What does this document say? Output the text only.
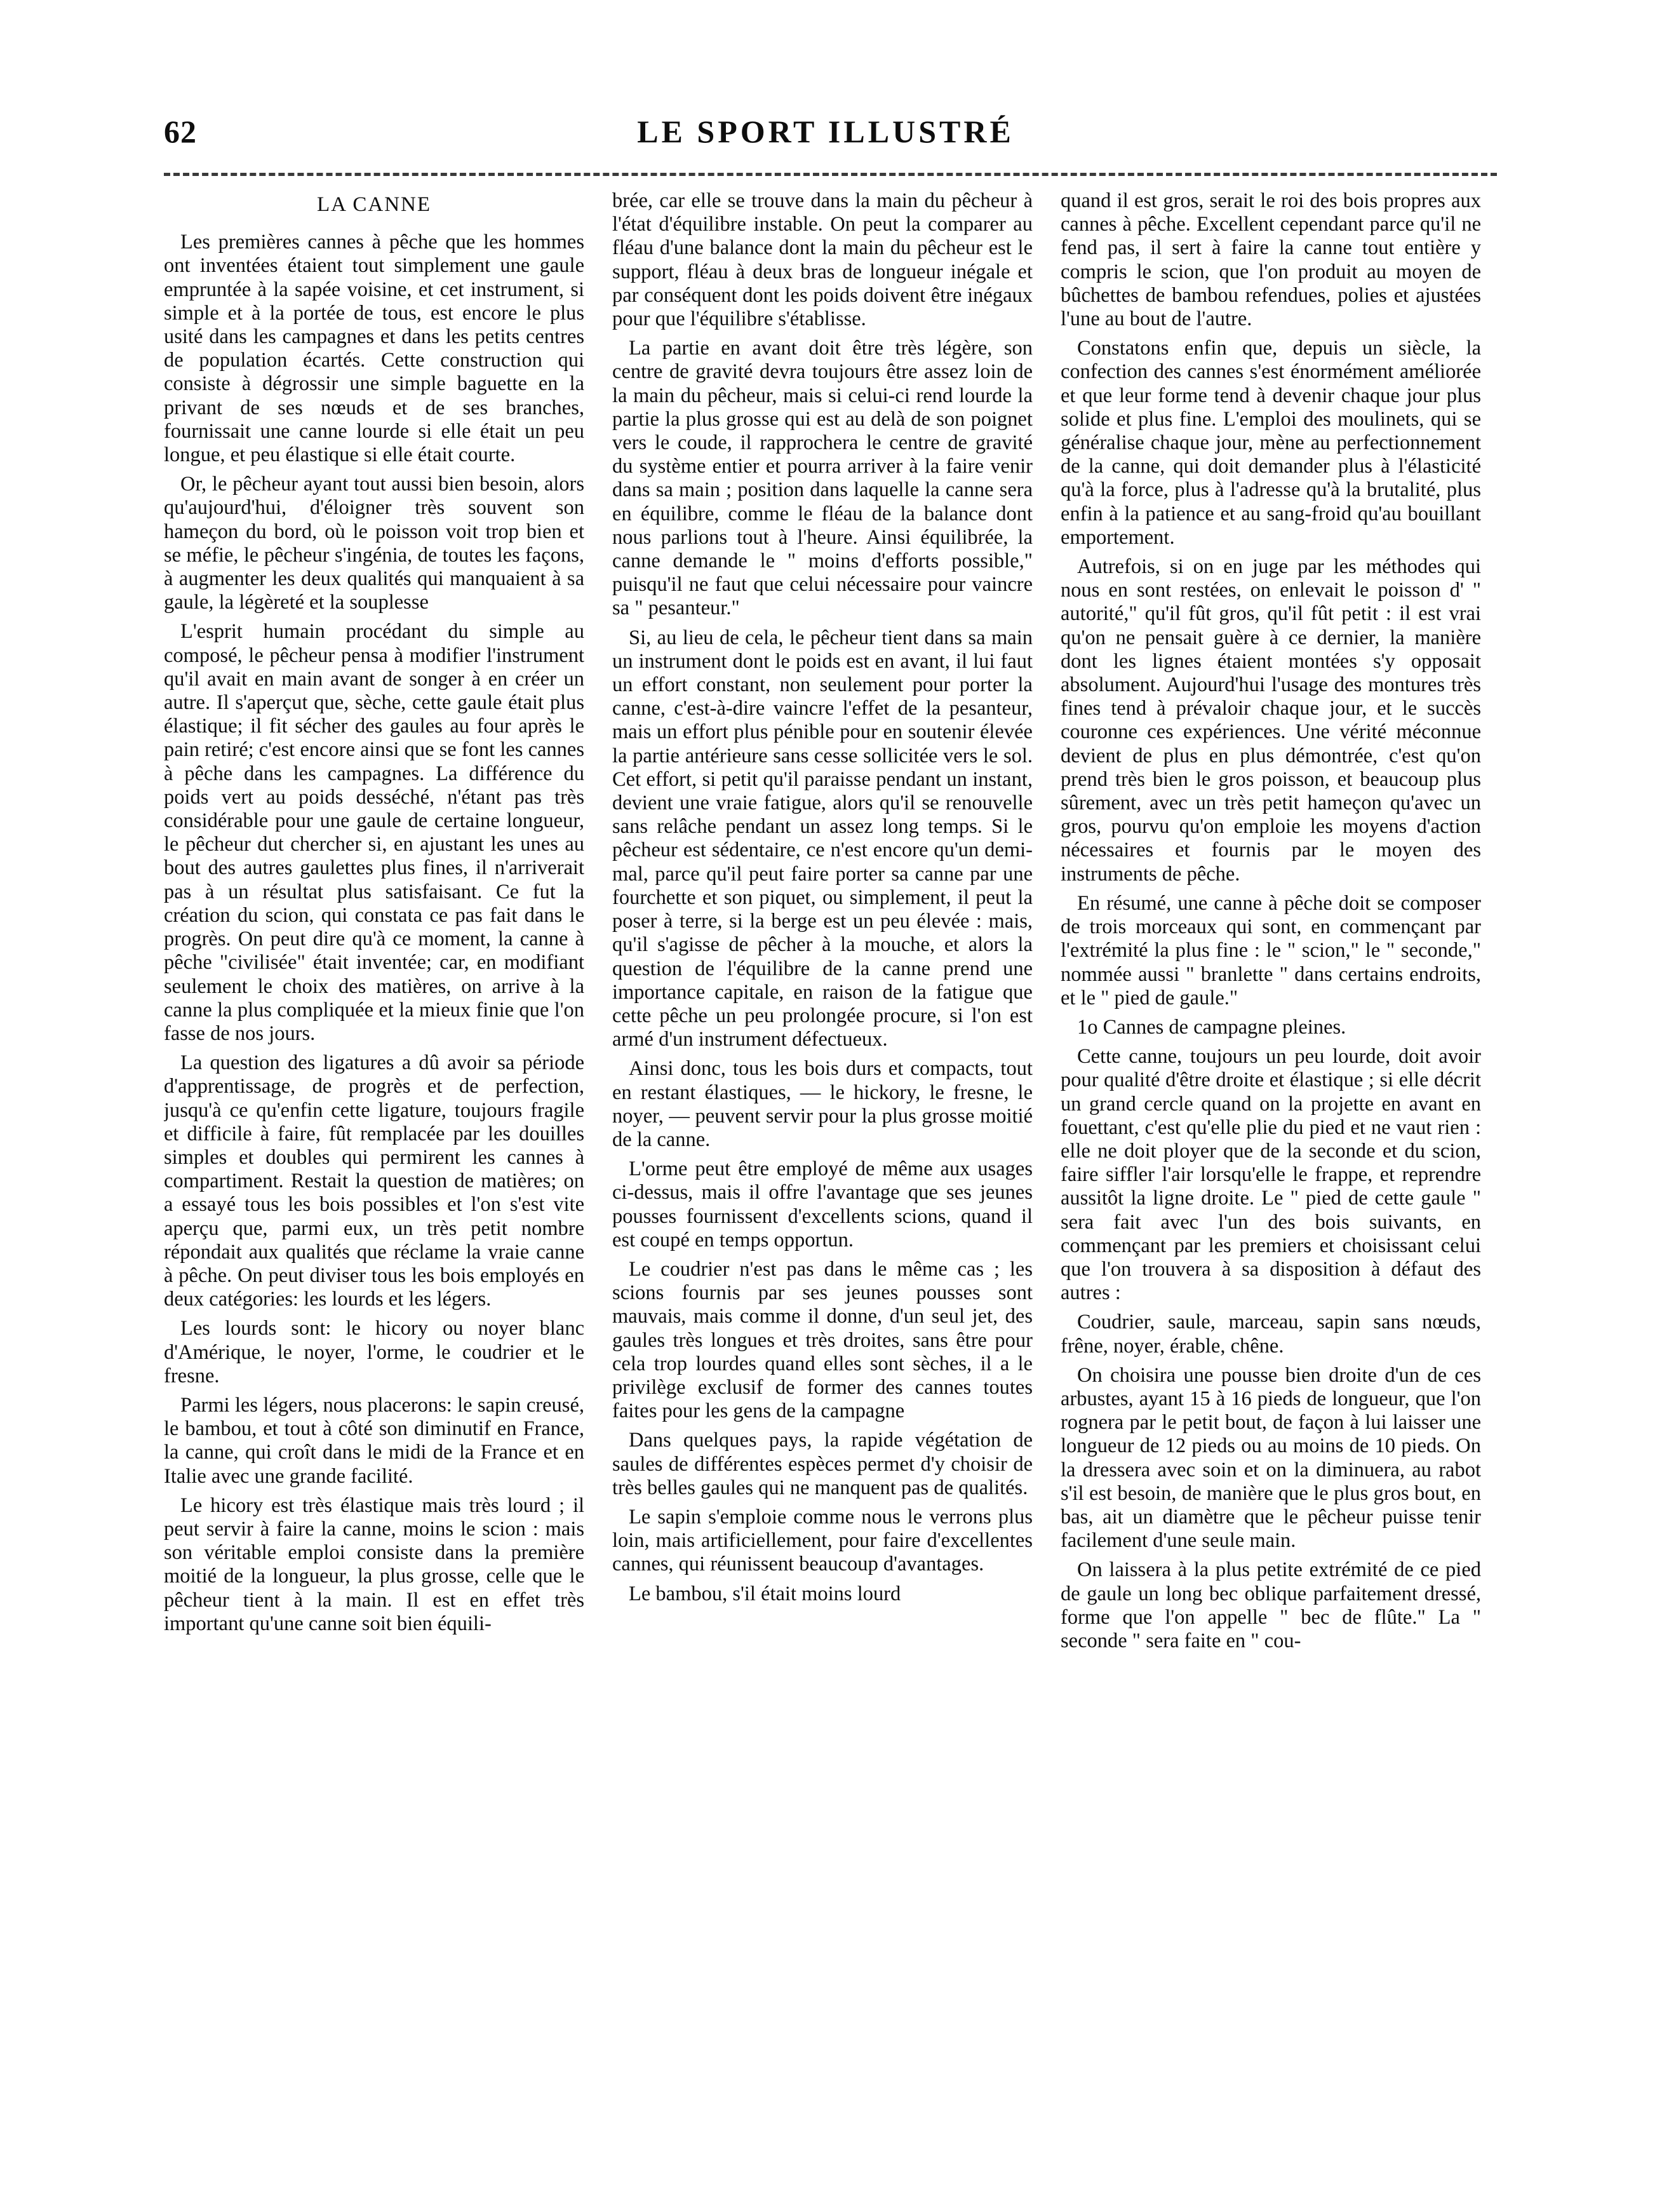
62	LE SPORT ILLUSTRÉ
LA CANNE

Les premières cannes à pêche que les hommes ont inventées étaient tout simplement une gaule empruntée à la sapée voisine, et cet instrument, si simple et à la portée de tous, est encore le plus usité dans les campagnes et dans les petits centres de population écartés. Cette construction qui consiste à dégrossir une simple baguette en la privant de ses nœuds et de ses branches, fournissait une canne lourde si elle était un peu longue, et peu élastique si elle était courte.

Or, le pêcheur ayant tout aussi bien besoin, alors qu'aujourd'hui, d'éloigner très souvent son hameçon du bord, où le poisson voit trop bien et se méfie, le pêcheur s'ingénia, de toutes les façons, à augmenter les deux qualités qui manquaient à sa gaule, la légèreté et la souplesse

L'esprit humain procédant du simple au composé, le pêcheur pensa à modifier l'instrument qu'il avait en main avant de songer à en créer un autre. Il s'aperçut que, sèche, cette gaule était plus élastique; il fit sécher des gaules au four après le pain retiré; c'est encore ainsi que se font les cannes à pêche dans les campagnes. La différence du poids vert au poids desséché, n'étant pas très considérable pour une gaule de certaine longueur, le pêcheur dut chercher si, en ajustant les unes au bout des autres gaulettes plus fines, il n'arriverait pas à un résultat plus satisfaisant. Ce fut la création du scion, qui constata ce pas fait dans le progrès. On peut dire qu'à ce moment, la canne à pêche "civilisée" était inventée; car, en modifiant seulement le choix des matières, on arrive à la canne la plus compliquée et la mieux finie que l'on fasse de nos jours.

La question des ligatures a dû avoir sa période d'apprentissage, de progrès et de perfection, jusqu'à ce qu'enfin cette ligature, toujours fragile et difficile à faire, fût remplacée par les douilles simples et doubles qui permirent les cannes à compartiment. Restait la question de matières; on a essayé tous les bois possibles et l'on s'est vite aperçu que, parmi eux, un très petit nombre répondait aux qualités que réclame la vraie canne à pêche. On peut diviser tous les bois employés en deux catégories: les lourds et les légers.

Les lourds sont: le hicory ou noyer blanc d'Amérique, le noyer, l'orme, le coudrier et le fresne.

Parmi les légers, nous placerons: le sapin creusé, le bambou, et tout à côté son diminutif en France, la canne, qui croît dans le midi de la France et en Italie avec une grande facilité.

Le hicory est très élastique mais très lourd ; il peut servir à faire la canne, moins le scion : mais son véritable emploi consiste dans la première moitié de la longueur, la plus grosse, celle que le pêcheur tient à la main. Il est en effet très important qu'une canne soit bien équili-

brée, car elle se trouve dans la main du pêcheur à l'état d'équilibre instable. On peut la comparer au fléau d'une balance dont la main du pêcheur est le support, fléau à deux bras de longueur inégale et par conséquent dont les poids doivent être inégaux pour que l'équilibre s'établisse.

La partie en avant doit être très légère, son centre de gravité devra toujours être assez loin de la main du pêcheur, mais si celui-ci rend lourde la partie la plus grosse qui est au delà de son poignet vers le coude, il rapprochera le centre de gravité du système entier et pourra arriver à la faire venir dans sa main ; position dans laquelle la canne sera en équilibre, comme le fléau de la balance dont nous parlions tout à l'heure. Ainsi équilibrée, la canne demande le " moins d'efforts possible," puisqu'il ne faut que celui nécessaire pour vaincre sa " pesanteur."

Si, au lieu de cela, le pêcheur tient dans sa main un instrument dont le poids est en avant, il lui faut un effort constant, non seulement pour porter la canne, c'est-à-dire vaincre l'effet de la pesanteur, mais un effort plus pénible pour en soutenir élevée la partie antérieure sans cesse sollicitée vers le sol. Cet effort, si petit qu'il paraisse pendant un instant, devient une vraie fatigue, alors qu'il se renouvelle sans relâche pendant un assez long temps. Si le pêcheur est sédentaire, ce n'est encore qu'un demi-mal, parce qu'il peut faire porter sa canne par une fourchette et son piquet, ou simplement, il peut la poser à terre, si la berge est un peu élevée : mais, qu'il s'agisse de pêcher à la mouche, et alors la question de l'équilibre de la canne prend une importance capitale, en raison de la fatigue que cette pêche un peu prolongée procure, si l'on est armé d'un instrument défectueux.

Ainsi donc, tous les bois durs et compacts, tout en restant élastiques, — le hickory, le fresne, le noyer, — peuvent servir pour la plus grosse moitié de la canne.

L'orme peut être employé de même aux usages ci-dessus, mais il offre l'avantage que ses jeunes pousses fournissent d'excellents scions, quand il est coupé en temps opportun.

Le coudrier n'est pas dans le même cas ; les scions fournis par ses jeunes pousses sont mauvais, mais comme il donne, d'un seul jet, des gaules très longues et très droites, sans être pour cela trop lourdes quand elles sont sèches, il a le privilège exclusif de former des cannes toutes faites pour les gens de la campagne

Dans quelques pays, la rapide végétation de saules de différentes espèces permet d'y choisir de très belles gaules qui ne manquent pas de qualités.

Le sapin s'emploie comme nous le verrons plus loin, mais artificiellement, pour faire d'excellentes cannes, qui réunissent beaucoup d'avantages.

Le bambou, s'il était moins lourd

quand il est gros, serait le roi des bois propres aux cannes à pêche. Excellent cependant parce qu'il ne fend pas, il sert à faire la canne tout entière y compris le scion, que l'on produit au moyen de bûchettes de bambou refendues, polies et ajustées l'une au bout de l'autre.

Constatons enfin que, depuis un siècle, la confection des cannes s'est énormément améliorée et que leur forme tend à devenir chaque jour plus solide et plus fine. L'emploi des moulinets, qui se généralise chaque jour, mène au perfectionnement de la canne, qui doit demander plus à l'élasticité qu'à la force, plus à l'adresse qu'à la brutalité, plus enfin à la patience et au sang-froid qu'au bouillant emportement.

Autrefois, si on en juge par les méthodes qui nous en sont restées, on enlevait le poisson d' " autorité," qu'il fût gros, qu'il fût petit : il est vrai qu'on ne pensait guère à ce dernier, la manière dont les lignes étaient montées s'y opposait absolument. Aujourd'hui l'usage des montures très fines tend à prévaloir chaque jour, et le succès couronne ces expériences. Une vérité méconnue devient de plus en plus démontrée, c'est qu'on prend très bien le gros poisson, et beaucoup plus sûrement, avec un très petit hameçon qu'avec un gros, pourvu qu'on emploie les moyens d'action nécessaires et fournis par le moyen des instruments de pêche.

En résumé, une canne à pêche doit se composer de trois morceaux qui sont, en commençant par l'extrémité la plus fine : le " scion," le " seconde," nommée aussi " branlette " dans certains endroits, et le " pied de gaule."

1o Cannes de campagne pleines.

Cette canne, toujours un peu lourde, doit avoir pour qualité d'être droite et élastique ; si elle décrit un grand cercle quand on la projette en avant en fouettant, c'est qu'elle plie du pied et ne vaut rien : elle ne doit ployer que de la seconde et du scion, faire siffler l'air lorsqu'elle le frappe, et reprendre aussitôt la ligne droite. Le " pied de cette gaule " sera fait avec l'un des bois suivants, en commençant par les premiers et choisissant celui que l'on trouvera à sa disposition à défaut des autres :

Coudrier, saule, marceau, sapin sans nœuds, frêne, noyer, érable, chêne.

On choisira une pousse bien droite d'un de ces arbustes, ayant 15 à 16 pieds de longueur, que l'on rognera par le petit bout, de façon à lui laisser une longueur de 12 pieds ou au moins de 10 pieds. On la dressera avec soin et on la diminuera, au rabot s'il est besoin, de manière que le plus gros bout, en bas, ait un diamètre que le pêcheur puisse tenir facilement d'une seule main.

On laissera à la plus petite extrémité de ce pied de gaule un long bec oblique parfaitement dressé, forme que l'on appelle " bec de flûte." La " seconde " sera faite en " cou-
